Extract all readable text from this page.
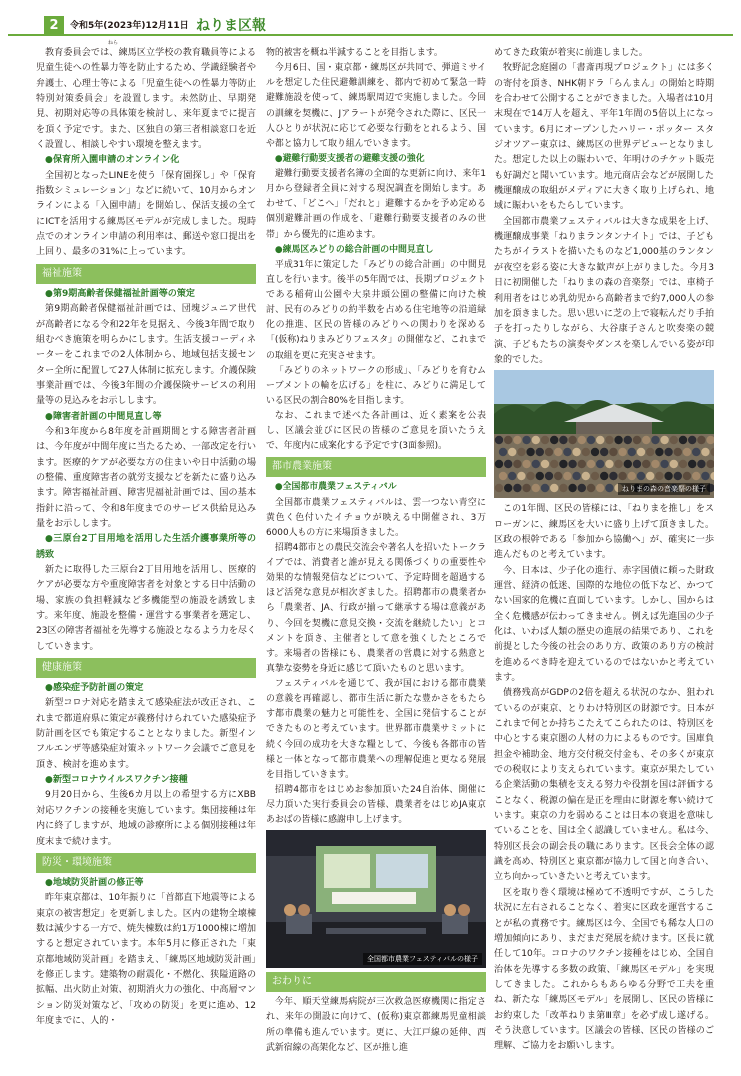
2	令和5年(2023年)12月11日 ねりま区報
ねら

教育委員会では、練馬区立学校の教育職員等による児童生徒への性暴力等を防止するため、学識経験者や弁護士、心理士等による「児童生徒への性暴力等防止特別対策委員会」を設置します。未然防止、早期発見、初期対応等の具体策を検討し、来年夏までに提言を頂く予定です。また、区独自の第三者相談窓口を近く設置し、相談しやすい環境を整えます。

●保育所入園申請のオンライン化

全国初となったLINEを使う「保育園探し」や「保育指数シミュレーション」などに続いて、10月からオンラインによる「入園申請」を開始し、保活支援の全てにICTを活用する練馬区モデルが完成しました。現時点でのオンライン申請の利用率は、郵送や窓口提出を上回り、最多の31%に上っています。

福祉施策

●第9期高齢者保健福祉計画等の策定

第9期高齢者保健福祉計画では、団塊ジュニア世代が高齢者になる令和22年を見据え、今後3年間で取り組むべき施策を明らかにします。生活支援コーディネーターをこれまでの2人体制から、地域包括支援センター全所に配置して27人体制に拡充します。介護保険事業計画では、今後3年間の介護保険サービスの利用量等の見込みをお示しします。

●障害者計画の中間見直し等

今和3年度から8年度を計画期間とする障害者計画は、今年度が中間年度に当たるため、一部改定を行います。医療的ケアが必要な方の住まいや日中活動の場の整備、重度障害者の就労支援などを新たに盛り込みます。障害福祉計画、障害児福祉計画では、国の基本指針に沿って、令和8年度までのサービス供給見込み量をお示しします。

●三原台2丁目用地を活用した生活介護事業所等の誘致

新たに取得した三原台2丁目用地を活用し、医療的ケアが必要な方や重度障害者を対象とする日中活動の場、家族の負担軽減など多機能型の施設を誘致します。来年度、施設を整備・運営する事業者を選定し、23区の障害者福祉を先導する施設となるよう力を尽くしていきます。

健康施策

●感染症予防計画の策定

新型コロナ対応を踏まえて感染症法が改正され、これまで都道府県に策定が義務付けられていた感染症予防計画を区でも策定することとなりました。新型インフルエンザ等感染症対策ネットワーク会議でご意見を頂き、検討を進めます。

●新型コロナウイルスワクチン接種

9月20日から、生後6カ月以上の希望する方にXBB対応ワクチンの接種を実施しています。集団接種は年内に終了しますが、地域の診療所による個別接種は年度末まで続けます。

防災・環境施策

●地域防災計画の修正等

昨年東京都は、10年振りに「首都直下地震等による東京の被害想定」を更新しました。区内の建物全壊棟数は減少する一方で、焼失棟数は約1万1000棟に増加すると想定されています。本年5月に修正された「東京都地域防災計画」を踏まえ、「練馬区地域防災計画」を修正します。建築物の耐震化・不燃化、狭隘道路の拡幅、出火防止対策、初期消火力の強化、中高層マンション防災対策など、「攻めの防災」を更に進め、12年度までに、人的・

物的被害を概ね半減することを目指します。

今月6日、国・東京都・練馬区が共同で、弾道ミサイルを想定した住民避難訓練を、都内で初めて緊急一時避難施設を使って、練馬駅周辺で実施しました。今回の訓練を契機に、Jアラートが発令された際に、区民一人ひとりが状況に応じて必要な行動をとれるよう、国や都と協力して取り組んでいきます。

●避難行動要支援者の避難支援の強化

避難行動要支援者名簿の全面的な更新に向け、来年1月から登録者全員に対する現況調査を開始します。あわせて、「どこへ」「だれと」避難するかを予め定める個別避難計画の作成を、「避難行動要支援者のみの世帯」から優先的に進めます。

●練馬区みどりの総合計画の中間見直し

平成31年に策定した「みどりの総合計画」の中間見直しを行います。後半の5年間では、長期プロジェクトである稲荷山公園や大泉井頭公園の整備に向けた検討、民有のみどりの約半数を占める住宅地等の沿道緑化の推進、区民の皆様のみどりへの関わりを深める「(仮称)ねりまみどりフェスタ」の開催など、これまでの取組を更に充実させます。

「みどりのネットワークの形成」、「みどりを育むムーブメントの輪を広げる」を柱に、みどりに満足している区民の割合80%を目指します。

なお、これまで述べた各計画は、近く素案を公表し、区議会並びに区民の皆様のご意見を頂いたうえで、年度内に成案化する予定です(3面参照)。

都市農業施策

●全国都市農業フェスティバル

全国都市農業フェスティバルは、雲一つない青空に黄色く色付いたイチョウが映える中開催され、3万6000人もの方に来場頂きました。

招聘4都市との農民交流会や著名人を招いたトークライブでは、消費者と誰が見える関係づくりの重要性や効果的な情報発信などについて、予定時間を超過するほど活発な意見が相次ぎました。招聘都市の農業者から「農業者、JA、行政が揃って継承する場は意義があり、今回を契機に意見交換・交流を継続したい」とコメントを頂き、主催者として意を強くしたところです。来場者の皆様にも、農業者の営農に対する熱意と真摯な姿勢を身近に感じて頂いたものと思います。

フェスティバルを通じて、我が国における都市農業の意義を再確認し、都市生活に新たな豊かさをもたらす都市農業の魅力と可能性を、全国に発信することができたものと考えています。世界都市農業サミットに続く今回の成功を大きな糧として、今後も各都市の皆様と一体となって都市農業への理解促進と更なる発展を目指していきます。

招聘4都市をはじめお参加頂いた24自治体、開催に尽力頂いた実行委員会の皆様、農業者をはじめJA東京あおばの皆様に感謝申し上げます。

全国都市農業フェスティバルの様子
おわりに

今年、順天堂練馬病院が三次救急医療機関に指定され、来年の開設に向けて、(仮称)東京都練馬児童相談所の準備も進んでいます。更に、大江戸線の延伸、西武新宿線の高架化など、区が推し進

めてきた政策が着実に前進しました。

牧野記念庭園の「書斎再現プロジェクト」には多くの寄付を頂き、NHK朝ドラ「らんまん」の開始と時期を合わせて公開することができました。入場者は10月末現在で14万人を超え、平年1年間の5倍以上になっています。6月にオープンしたハリー・ポッター スタジオツアー東京は、練馬区の世界デビューとなりました。想定した以上の賑わいで、年明けのチケット販売も好調だと聞いています。地元商店会などが展開した機運醸成の取組がメディアに大きく取り上げられ、地域に賑わいをもたらしています。

全国都市農業フェスティバルは大きな成果を上げ、機運醸成事業「ねりまランタンナイト」では、子どもたちがイラストを描いたものなど1,000基のランタンが夜空を彩る姿に大きな歓声が上がりました。今月3日に初開催した「ねりまの森の音楽祭」では、車椅子利用者をはじめ乳幼児から高齢者まで約7,000人の参加を頂きました。思い思いに芝の上で寝転んだり手拍子を打ったりしながら、大谷康子さんと吹奏楽の競演、子どもたちの演奏やダンスを楽しんでいる姿が印象的でした。

ねりまの森の音楽祭の様子

この1年間、区民の皆様には、「ねりまを推し」をスローガンに、練馬区を大いに盛り上げて頂きました。区政の根幹である「参加から協働へ」が、確実に一歩進んだものと考えています。

今、日本は、少子化の進行、赤字国債に頼った財政運営、経済の低迷、国際的な地位の低下など、かつてない国家的危機に直面しています。しかし、国からは全く危機感が伝わってきません。例えば先進国の少子化は、いわば人類の歴史の進展の結果であり、これを前提とした今後の社会のあり方、政策のあり方の検討を進めるべき時を迎えているのではないかと考えています。

債務残高がGDPの2倍を超える状況のなか、狙われているのが東京、とりわけ特別区の財源です。日本がこれまで何とか持ちこたえてこられたのは、特別区を中心とする東京圏の人材の力によるものです。国庫負担金や補助金、地方交付税交付金も、その多くが東京での税収により支えられています。東京が果たしている企業活動の集積を支える努力や役割を国は評価することなく、税源の偏在是正を理由に財源を奪い続けています。東京の力を弱めることは日本の衰退を意味していることを、国は全く認識していません。私は今、特別区長会の副会長の職にあります。区長会全体の認識を高め、特別区と東京都が協力して国と向き合い、立ち向かっていきたいと考えています。

区を取り巻く環境は極めて不透明ですが、こうした状況に左右されることなく、着実に区政を運営することが私の責務です。練馬区は今、全国でも稀な人口の増加傾向にあり、まだまだ発展を続けます。区長に就任して10年。コロナのワクチン接種をはじめ、全国自治体を先導する多数の政策、「練馬区モデル」を実現してきました。これからもあらゆる分野で工夫を重ね、新たな「練馬区モデル」を展開し、区民の皆様にお約束した「改革ねりま第Ⅲ章」を必ず成し遂げる。そう決意しています。区議会の皆様、区民の皆様のご理解、ご協力をお願いします。
